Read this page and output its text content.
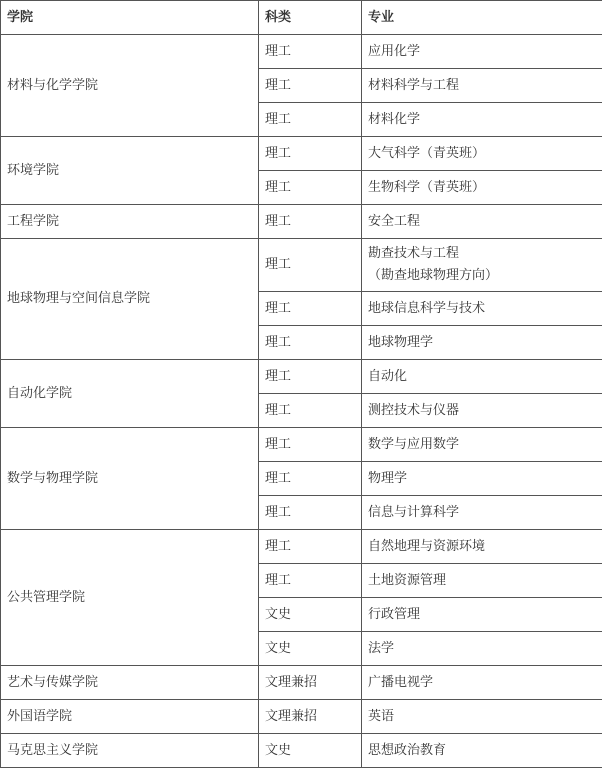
学院	科类	专业
材料与化学学院	理工	应用化学
	理工	材料科学与工程
	理工	材料化学
环境学院	理工	大气科学（青英班）
	理工	生物科学（青英班）
工程学院	理工	安全工程
地球物理与空间信息学院	理工	勘查技术与工程
（勘查地球物理方向）

	理工	地球信息科学与技术
	理工	地球物理学
自动化学院	理工	自动化
	理工	测控技术与仪器
数学与物理学院	理工	数学与应用数学
	理工	物理学
	理工	信息与计算科学
公共管理学院	理工	自然地理与资源环境
	理工	土地资源管理
	文史	行政管理
	文史	法学
艺术与传媒学院	文理兼招	广播电视学
外国语学院	文理兼招	英语
马克思主义学院	文史	思想政治教育
